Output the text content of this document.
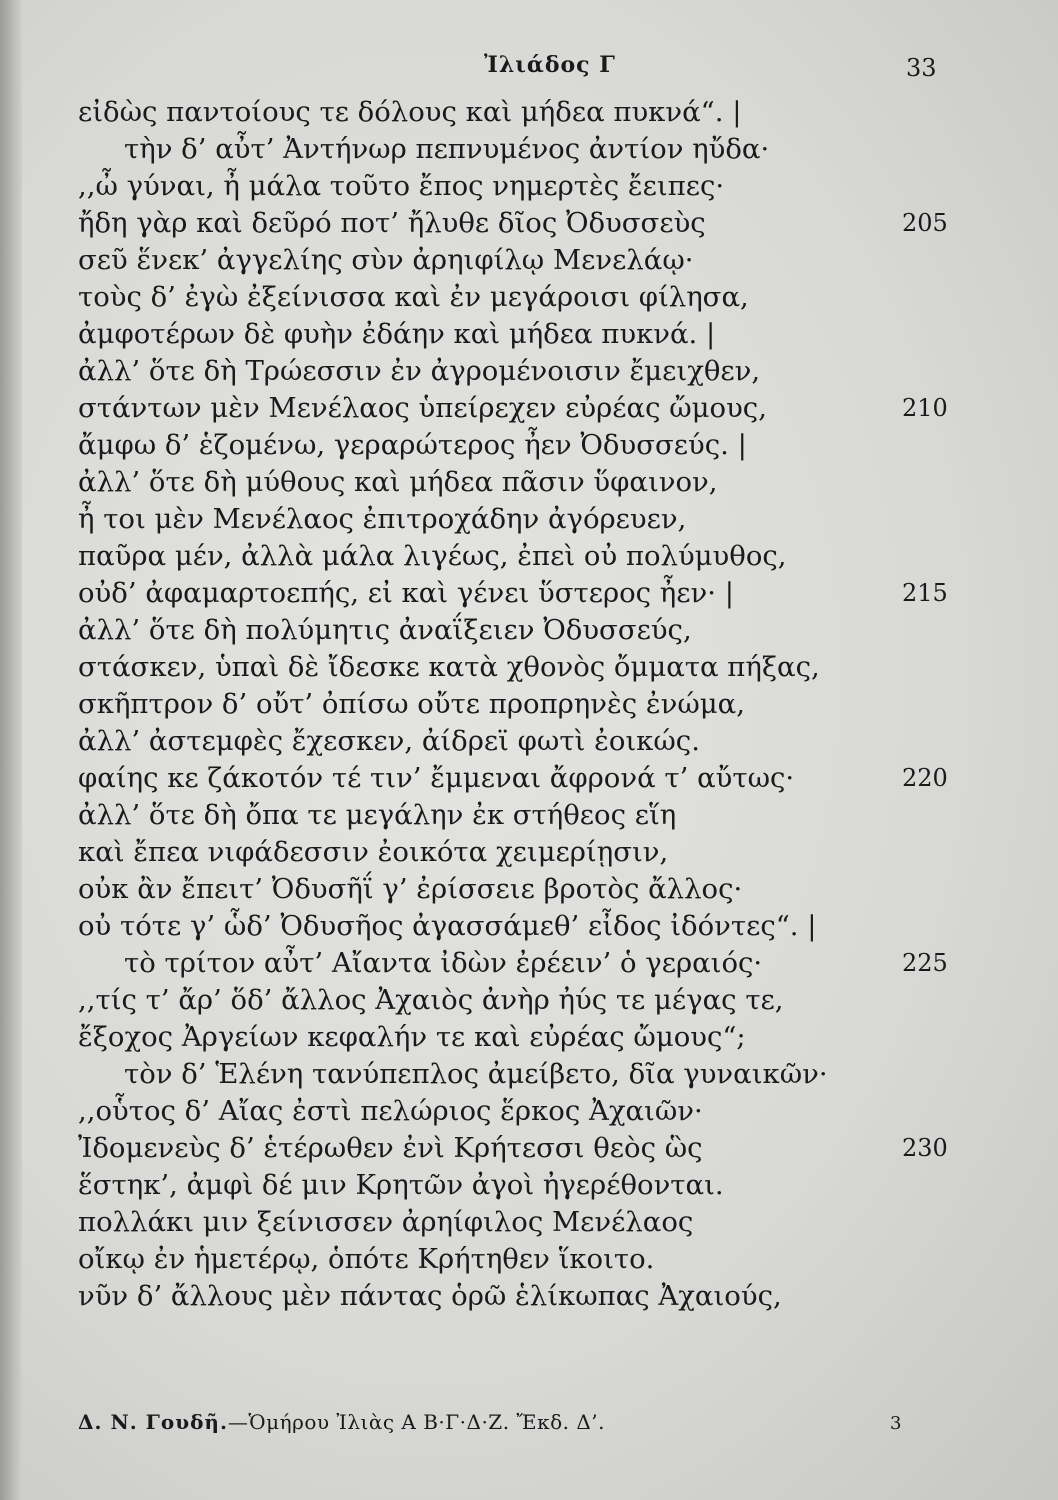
Ἰλιάδος Γ	33
εἰδὼς παντοίους τε δόλους καὶ μήδεα πυκνά“. |
τὴν δ’ αὖτ’ Ἀντήνωρ πεπνυμένος ἀντίον ηὔδα·
,,ὦ γύναι, ἦ μάλα τοῦτο ἔπος νημερτὲς ἔειπες·
ἤδη γὰρ καὶ δεῦρό ποτ’ ἤλυθε δῖος Ὀδυσσεὺς	205
σεῦ ἕνεκ’ ἀγγελίης σὺν ἀρηιφίλῳ Μενελάῳ·
τοὺς δ’ ἐγὼ ἐξείνισσα καὶ ἐν μεγάροισι φίλησα,
ἀμφοτέρων δὲ φυὴν ἐδάην καὶ μήδεα πυκνά. |
ἀλλ’ ὅτε δὴ Τρώεσσιν ἐν ἀγρομένοισιν ἔμειχθεν,
στάντων μὲν Μενέλαος ὑπείρεχεν εὐρέας ὤμους,	210
ἄμφω δ’ ἑζομένω, γεραρώτερος ἦεν Ὀδυσσεύς. |
ἀλλ’ ὅτε δὴ μύθους καὶ μήδεα πᾶσιν ὕφαινον,
ἦ τοι μὲν Μενέλαος ἐπιτροχάδην ἀγόρευεν,
παῦρα μέν, ἀλλὰ μάλα λιγέως, ἐπεὶ οὐ πολύμυθος,
οὐδ’ ἀφαμαρτοεπής, εἰ καὶ γένει ὕστερος ἦεν· |	215
ἀλλ’ ὅτε δὴ πολύμητις ἀναΐξειεν Ὀδυσσεύς,
στάσκεν, ὑπαὶ δὲ ἴδεσκε κατὰ χθονὸς ὄμματα πήξας,
σκῆπτρον δ’ οὔτ’ ὀπίσω οὔτε προπρηνὲς ἐνώμα,
ἀλλ’ ἀστεμφὲς ἔχεσκεν, ἀίδρεϊ φωτὶ ἐοικώς.
φαίης κε ζάκοτόν τέ τιν’ ἔμμεναι ἄφρονά τ’ αὔτως·	220
ἀλλ’ ὅτε δὴ ὄπα τε μεγάλην ἐκ στήθεος εἵη
καὶ ἔπεα νιφάδεσσιν ἐοικότα χειμερίῃσιν,
οὐκ ἂν ἔπειτ’ Ὀδυσῆΐ γ’ ἐρίσσειε βροτὸς ἄλλος·
οὐ τότε γ’ ὧδ’ Ὀδυσῆος ἀγασσάμεθ’ εἶδος ἰδόντες“. |
τὸ τρίτον αὖτ’ Αἴαντα ἰδὼν ἐρέειν’ ὁ γεραιός·	225
,,τίς τ’ ἄρ’ ὅδ’ ἄλλος Ἀχαιὸς ἀνὴρ ἠύς τε μέγας τε,
ἔξοχος Ἀργείων κεφαλήν τε καὶ εὐρέας ὤμους“;
τὸν δ’ Ἑλένη τανύπεπλος ἀμείβετο, δῖα γυναικῶν·
,,οὗτος δ’ Αἴας ἐστὶ πελώριος ἕρκος Ἀχαιῶν·
Ἰδομενεὺς δ’ ἑτέρωθεν ἐνὶ Κρήτεσσι θεὸς ὣς	230
ἕστηκ’, ἀμφὶ δέ μιν Κρητῶν ἀγοὶ ἠγερέθονται.
πολλάκι μιν ξείνισσεν ἀρηίφιλος Μενέλαος
οἴκῳ ἐν ἡμετέρῳ, ὁπότε Κρήτηθεν ἵκοιτο.
νῦν δ’ ἄλλους μὲν πάντας ὁρῶ ἑλίκωπας Ἀχαιούς,
Δ. Ν. Γουδῆ.—Ὁμήρου Ἰλιὰς Α Β·Γ·Δ·Ζ. Ἔκδ. Δ’.	3
